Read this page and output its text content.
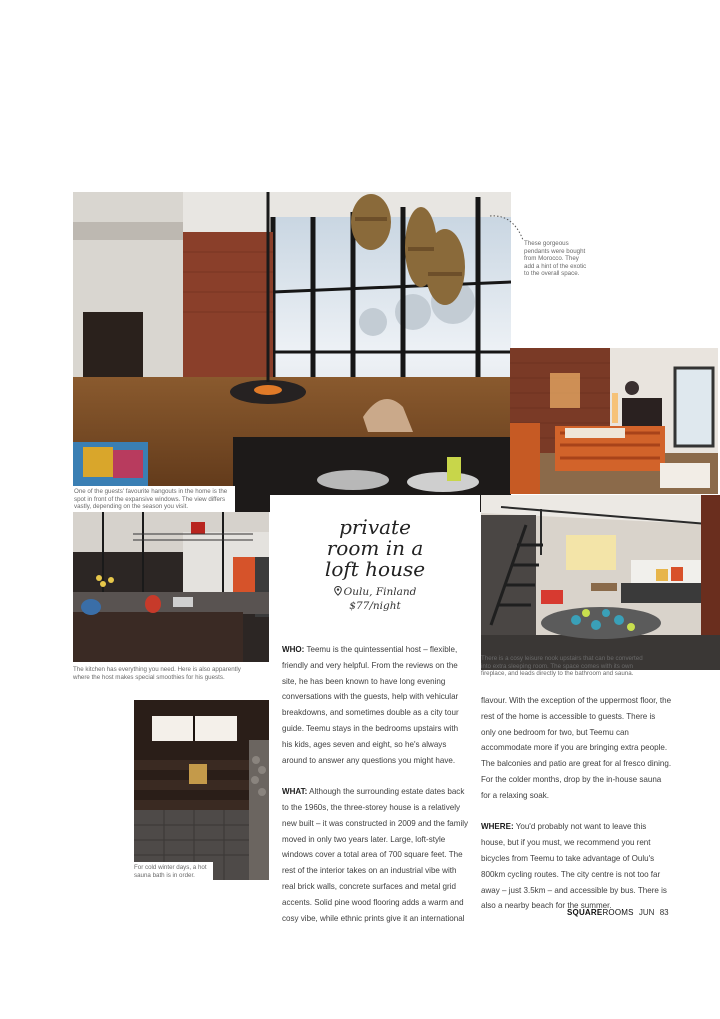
These gorgeous pendants were bought from Morocco. They add a hint of the exotic to the overall space.
One of the guests' favourite hangouts in the home is the spot in front of the expansive windows. The view differs vastly, depending on the season you visit.
The kitchen has everything you need. Here is also apparently where the host makes special smoothies for his guests.
There is a cosy leisure nook upstairs that can be converted into extra sleeping room. The space comes with its own fireplace, and leads directly to the bathroom and sauna.
For cold winter days, a hot sauna bath is in order.
private
room in a
loft house
Oulu, Finland
$77/night

WHO: Teemu is the quintessential host – flexible, friendly and very helpful. From the reviews on the site, he has been known to have long evening conversations with the guests, help with vehicular breakdowns, and sometimes double as a city tour guide. Teemu stays in the bedrooms upstairs with his kids, ages seven and eight, so he's always around to answer any questions you might have.

WHAT: Although the surrounding estate dates back to the 1960s, the three-storey house is a relatively new built – it was constructed in 2009 and the family moved in only two years later. Large, loft-style windows cover a total area of 700 square feet. The rest of the interior takes on an industrial vibe with real brick walls, concrete surfaces and metal grid accents. Solid pine wood flooring adds a warm and cosy vibe, while ethnic prints give it an international

flavour. With the exception of the uppermost floor, the rest of the home is accessible to guests. There is only one bedroom for two, but Teemu can accommodate more if you are bringing extra people. The balconies and patio are great for al fresco dining. For the colder months, drop by the in-house sauna for a relaxing soak.

WHERE: You'd probably not want to leave this house, but if you must, we recommend you rent bicycles from Teemu to take advantage of Oulu's 800km cycling routes. The city centre is not too far away – just 3.5km – and accessible by bus. There is also a nearby beach for the summer.

SQUAREROOMS JUN 83
